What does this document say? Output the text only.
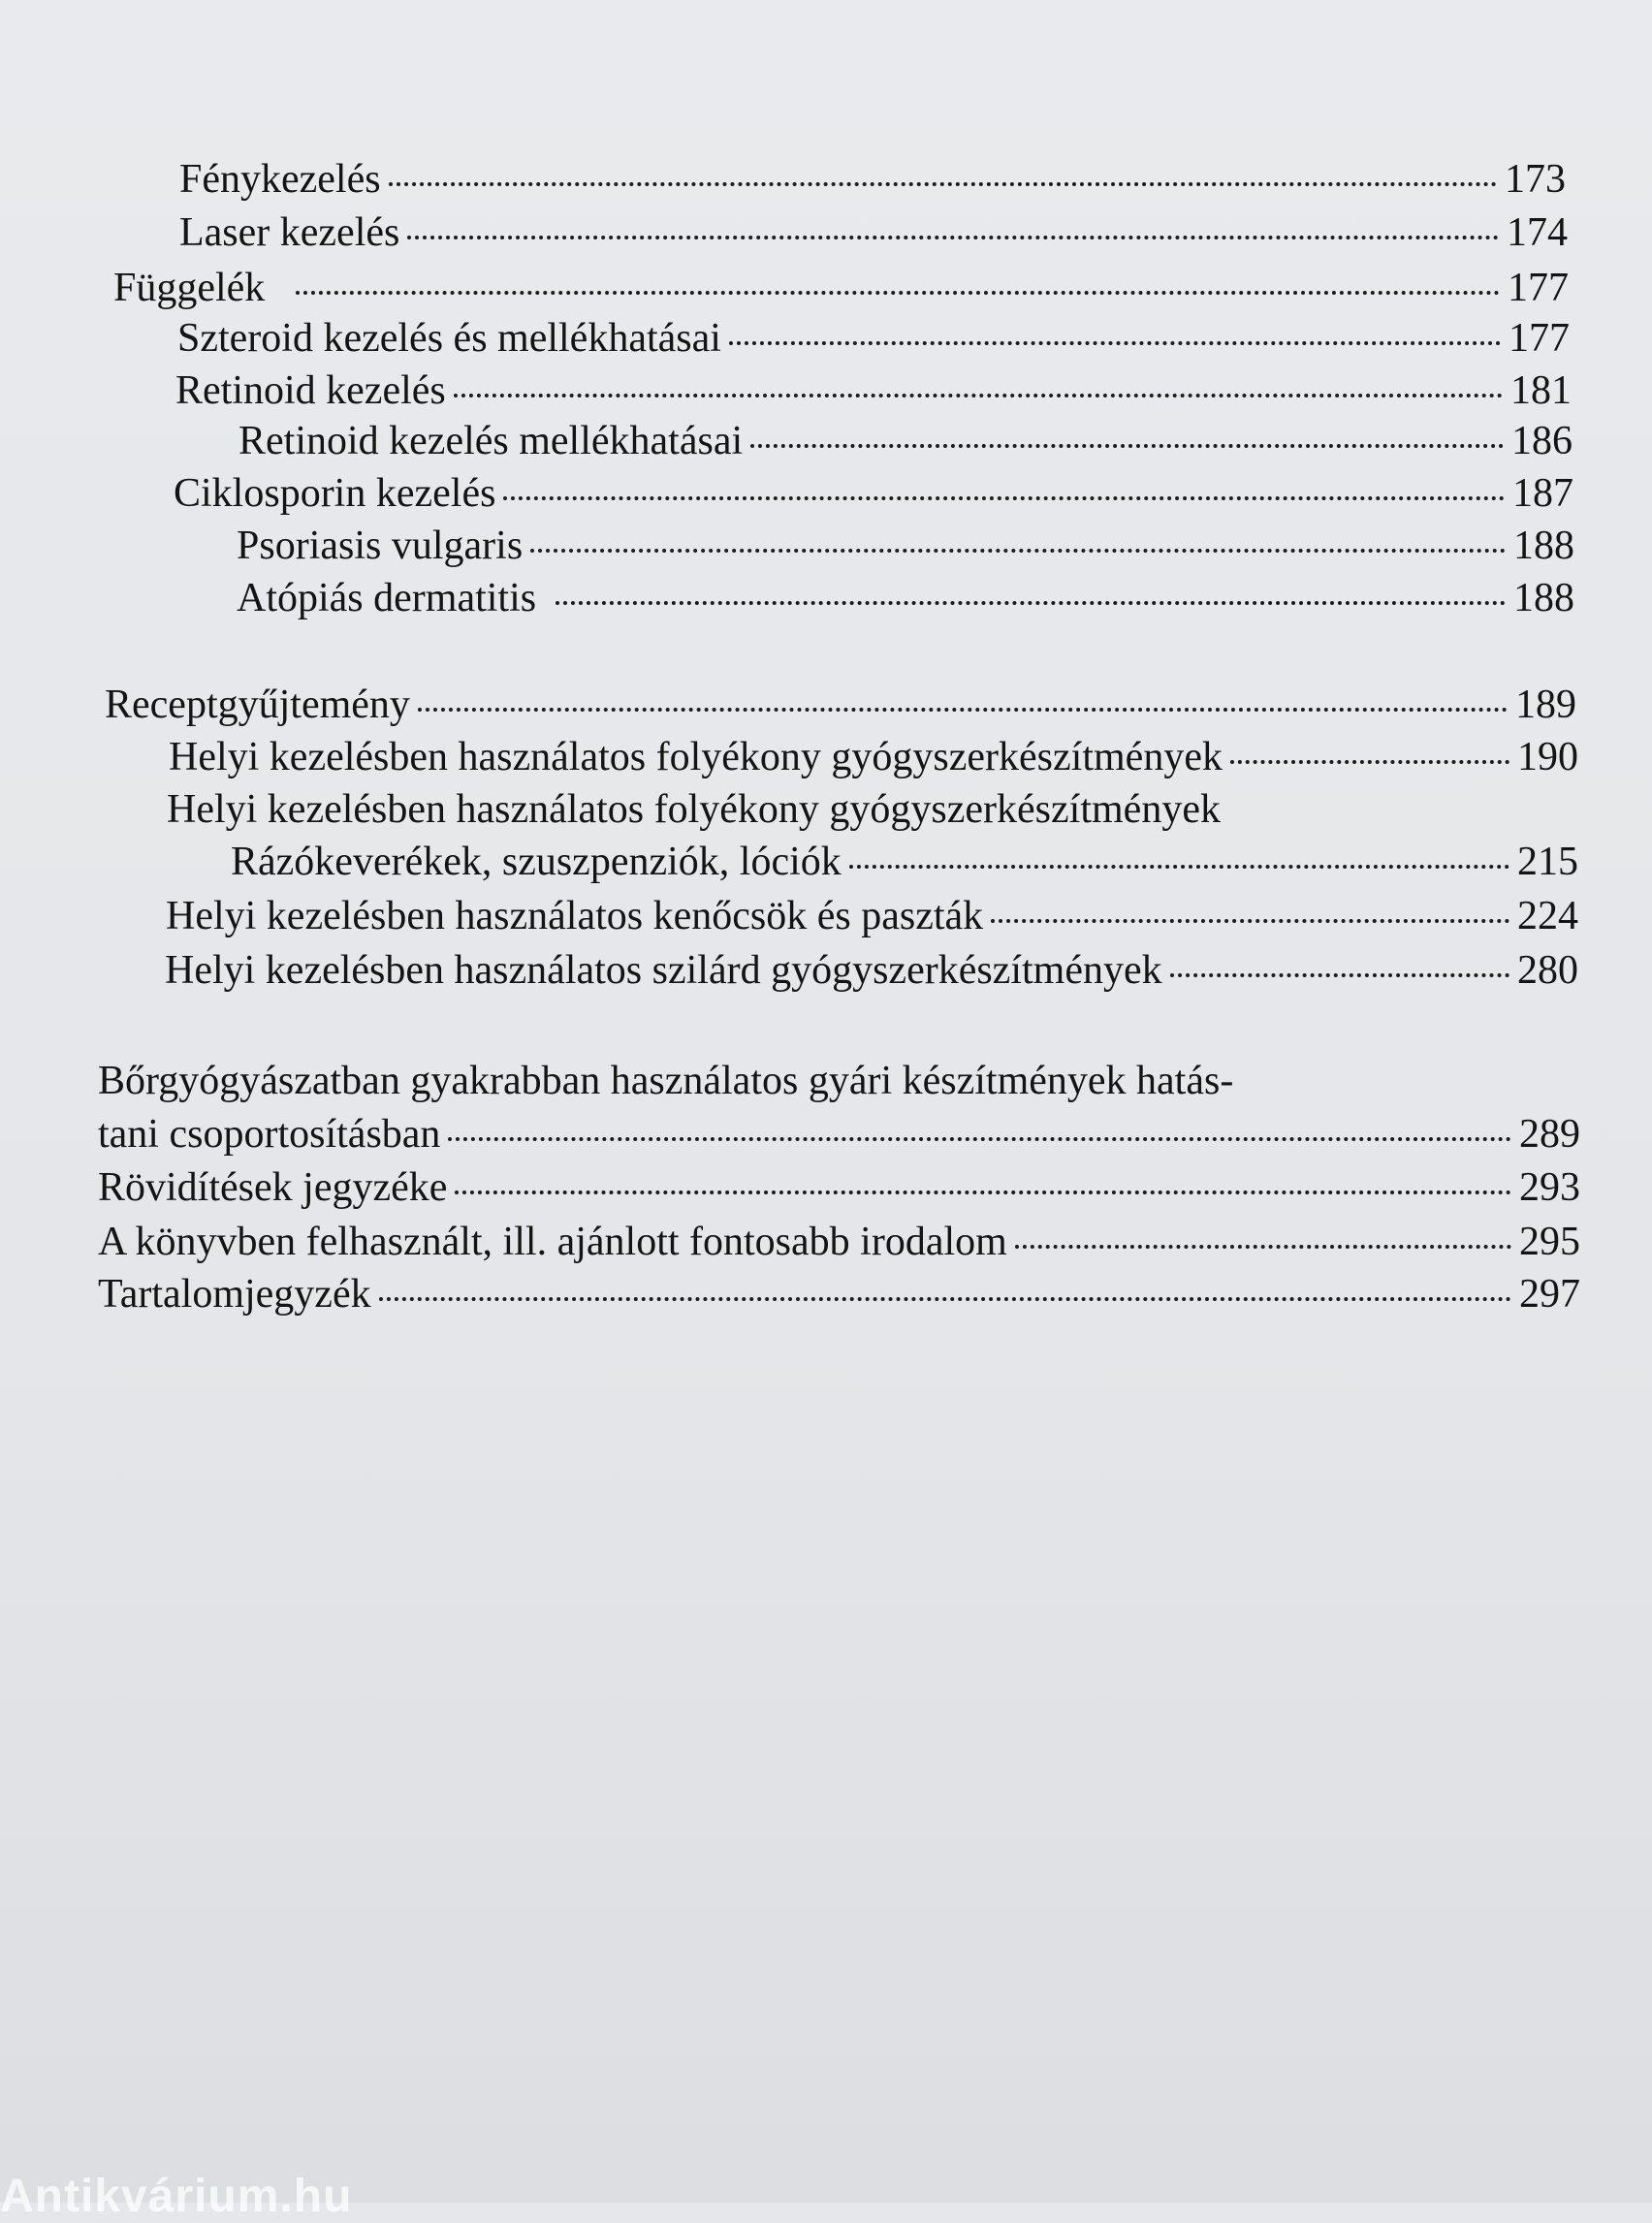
Fénykezelés	173
Laser kezelés	174
Függelék	177
Szteroid kezelés és mellékhatásai	177
Retinoid kezelés	181
Retinoid kezelés mellékhatásai	186
Ciklosporin kezelés	187
Psoriasis vulgaris	188
Atópiás dermatitis	188
Receptgyűjtemény	189
Helyi kezelésben használatos folyékony gyógyszerkészítmények	190
Helyi kezelésben használatos folyékony gyógyszerkészítmények
Rázókeverékek, szuszpenziók, lóciók	215
Helyi kezelésben használatos kenőcsök és paszták	224
Helyi kezelésben használatos szilárd gyógyszerkészítmények	280
Bőrgyógyászatban gyakrabban használatos gyári készítmények hatás-
tani csoportosításban	289
Rövidítések jegyzéke	293
A könyvben felhasznált, ill. ajánlott fontosabb irodalom	295
Tartalomjegyzék	297
Antikvárium.hu
